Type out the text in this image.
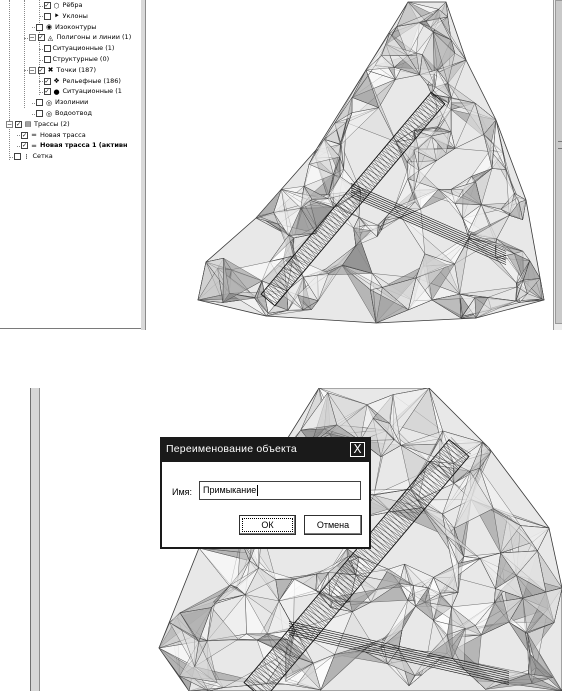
✓ ⬡ Рёбра
⯈ Уклоны
◉ Изоконтуры
− ✓ ◬ Полигоны и линии (1)
Ситуационные (1)
Структурные (0)
− ✓ ✖ Точки (187)
✓ ❖ Рельефные (186)
✓ ● Ситуационные (1
◎ Изолинии
◎ Водоотвод
− ✓ ▤ Трассы (2)
✓ ═ Новая трасса
✓ ═ Новая трасса 1 (активн
⁞ Сетка
Переименование объекта	X
Имя:	Примыкание
ОК	Отмена
